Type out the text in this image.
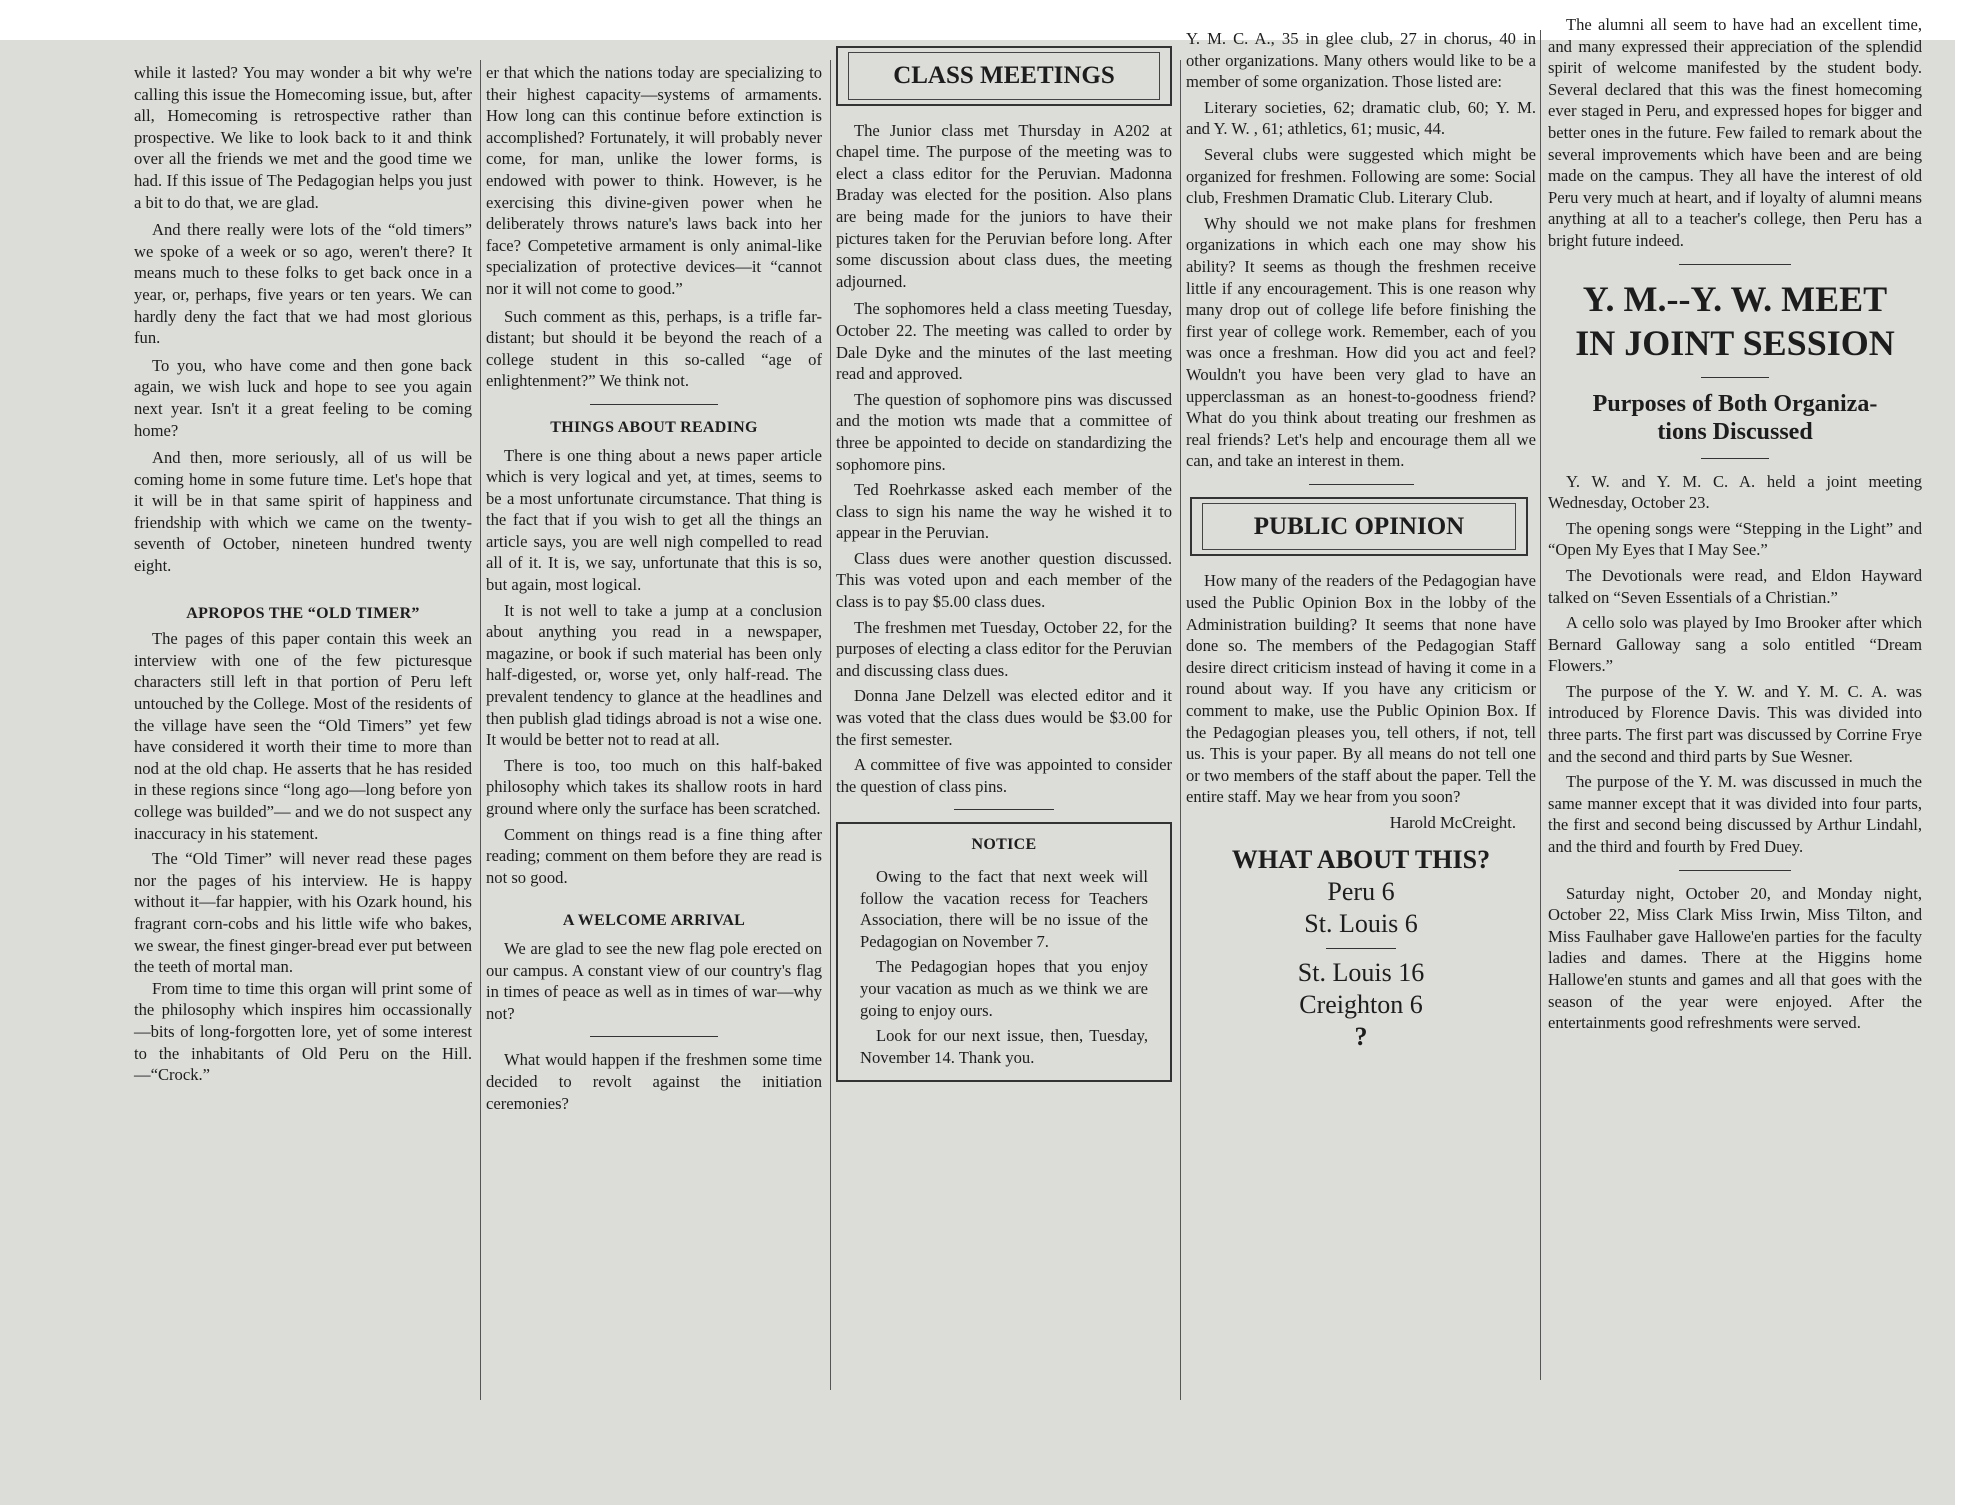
while it lasted? You may wonder a bit why we're calling this issue the Homecoming issue, but, after all, Homecoming is retrospective rather than prospective. We like to look back to it and think over all the friends we met and the good time we had. If this issue of The Pedagogian helps you just a bit to do that, we are glad.

And there really were lots of the “old timers” we spoke of a week or so ago, weren't there? It means much to these folks to get back once in a year, or, perhaps, five years or ten years. We can hardly deny the fact that we had most glorious fun.

To you, who have come and then gone back again, we wish luck and hope to see you again next year. Isn't it a great feeling to be coming home?

And then, more seriously, all of us will be coming home in some future time. Let's hope that it will be in that same spirit of happiness and friendship with which we came on the twenty-seventh of October, nineteen hundred twenty eight.

APROPOS THE “OLD TIMER”

The pages of this paper contain this week an interview with one of the few picturesque characters still left in that portion of Peru left untouched by the College. Most of the residents of the village have seen the “Old Timers” yet few have considered it worth their time to more than nod at the old chap. He asserts that he has resided in these regions since “long ago—long before yon college was builded”— and we do not suspect any inaccuracy in his statement.

The “Old Timer” will never read these pages nor the pages of his interview. He is happy without it—far happier, with his Ozark hound, his fragrant corn-cobs and his little wife who bakes, we swear, the finest ginger-bread ever put between the teeth of mortal man.

From time to time this organ will print some of the philosophy which inspires him occassionally—bits of long-forgotten lore, yet of some interest to the inhabitants of Old Peru on the Hill.—“Crock.”

er that which the nations today are specializing to their highest capacity—systems of armaments. How long can this continue before extinction is accomplished? Fortunately, it will probably never come, for man, unlike the lower forms, is endowed with power to think. However, is he exercising this divine-given power when he deliberately throws nature's laws back into her face? Competetive armament is only animal-like specialization of protective devices—it “cannot nor it will not come to good.”

Such comment as this, perhaps, is a trifle far-distant; but should it be beyond the reach of a college student in this so-called “age of enlightenment?” We think not.

THINGS ABOUT READING

There is one thing about a news paper article which is very logical and yet, at times, seems to be a most unfortunate circumstance. That thing is the fact that if you wish to get all the things an article says, you are well nigh compelled to read all of it. It is, we say, unfortunate that this is so, but again, most logical.

It is not well to take a jump at a conclusion about anything you read in a newspaper, magazine, or book if such material has been only half-digested, or, worse yet, only half-read. The prevalent tendency to glance at the headlines and then publish glad tidings abroad is not a wise one. It would be better not to read at all.

There is too, too much on this half-baked philosophy which takes its shallow roots in hard ground where only the surface has been scratched.

Comment on things read is a fine thing after reading; comment on them before they are read is not so good.

A WELCOME ARRIVAL

We are glad to see the new flag pole erected on our campus. A constant view of our country's flag in times of peace as well as in times of war—why not?

What would happen if the freshmen some time decided to revolt against the initiation ceremonies?

CLASS MEETINGS

The Junior class met Thursday in A202 at chapel time. The purpose of the meeting was to elect a class editor for the Peruvian. Madonna Braday was elected for the position. Also plans are being made for the juniors to have their pictures taken for the Peruvian before long. After some discussion about class dues, the meeting adjourned.

The sophomores held a class meeting Tuesday, October 22. The meeting was called to order by Dale Dyke and the minutes of the last meeting read and approved.

The question of sophomore pins was discussed and the motion wts made that a committee of three be appointed to decide on standardizing the sophomore pins.

Ted Roehrkasse asked each member of the class to sign his name the way he wished it to appear in the Peruvian.

Class dues were another question discussed. This was voted upon and each member of the class is to pay $5.00 class dues.

The freshmen met Tuesday, October 22, for the purposes of electing a class editor for the Peruvian and discussing class dues.

Donna Jane Delzell was elected editor and it was voted that the class dues would be $3.00 for the first semester.

A committee of five was appointed to consider the question of class pins.

NOTICE

Owing to the fact that next week will follow the vacation recess for Teachers Association, there will be no issue of the Pedagogian on November 7.

The Pedagogian hopes that you enjoy your vacation as much as we think we are going to enjoy ours.

Look for our next issue, then, Tuesday, November 14. Thank you.

Y. M. C. A., 35 in glee club, 27 in chorus, 40 in other organizations. Many others would like to be a member of some organization. Those listed are:

Literary societies, 62; dramatic club, 60; Y. M. and Y. W. , 61; athletics, 61; music, 44.

Several clubs were suggested which might be organized for freshmen. Following are some: Social club, Freshmen Dramatic Club. Literary Club.

Why should we not make plans for freshmen organizations in which each one may show his ability? It seems as though the freshmen receive little if any encouragement. This is one reason why many drop out of college life before finishing the first year of college work. Remember, each of you was once a freshman. How did you act and feel? Wouldn't you have been very glad to have an upperclassman as an honest-to-goodness friend? What do you think about treating our freshmen as real friends? Let's help and encourage them all we can, and take an interest in them.

PUBLIC OPINION

How many of the readers of the Pedagogian have used the Public Opinion Box in the lobby of the Administration building? It seems that none have done so. The members of the Pedagogian Staff desire direct criticism instead of having it come in a round about way. If you have any criticism or comment to make, use the Public Opinion Box. If the Pedagogian pleases you, tell others, if not, tell us. This is your paper. By all means do not tell one or two members of the staff about the paper. Tell the entire staff. May we hear from you soon?

Harold McCreight.
WHAT ABOUT THIS?
Peru 6
St. Louis 6
St. Louis 16
Creighton 6
?

The alumni all seem to have had an excellent time, and many expressed their appreciation of the splendid spirit of welcome manifested by the student body. Several declared that this was the finest homecoming ever staged in Peru, and expressed hopes for bigger and better ones in the future. Few failed to remark about the several improvements which have been and are being made on the campus. They all have the interest of old Peru very much at heart, and if loyalty of alumni means anything at all to a teacher's college, then Peru has a bright future indeed.

Y. M.--Y. W. MEET
IN JOINT SESSION
Purposes of Both Organiza-
tions Discussed

Y. W. and Y. M. C. A. held a joint meeting Wednesday, October 23.

The opening songs were “Stepping in the Light” and “Open My Eyes that I May See.”

The Devotionals were read, and Eldon Hayward talked on “Seven Essentials of a Christian.”

A cello solo was played by Imo Brooker after which Bernard Galloway sang a solo entitled “Dream Flowers.”

The purpose of the Y. W. and Y. M. C. A. was introduced by Florence Davis. This was divided into three parts. The first part was discussed by Corrine Frye and the second and third parts by Sue Wesner.

The purpose of the Y. M. was discussed in much the same manner except that it was divided into four parts, the first and second being discussed by Arthur Lindahl, and the third and fourth by Fred Duey.

Saturday night, October 20, and Monday night, October 22, Miss Clark Miss Irwin, Miss Tilton, and Miss Faulhaber gave Hallowe'en parties for the faculty ladies and dames. There at the Higgins home Hallowe'en stunts and games and all that goes with the season of the year were enjoyed. After the entertainments good refreshments were served.
